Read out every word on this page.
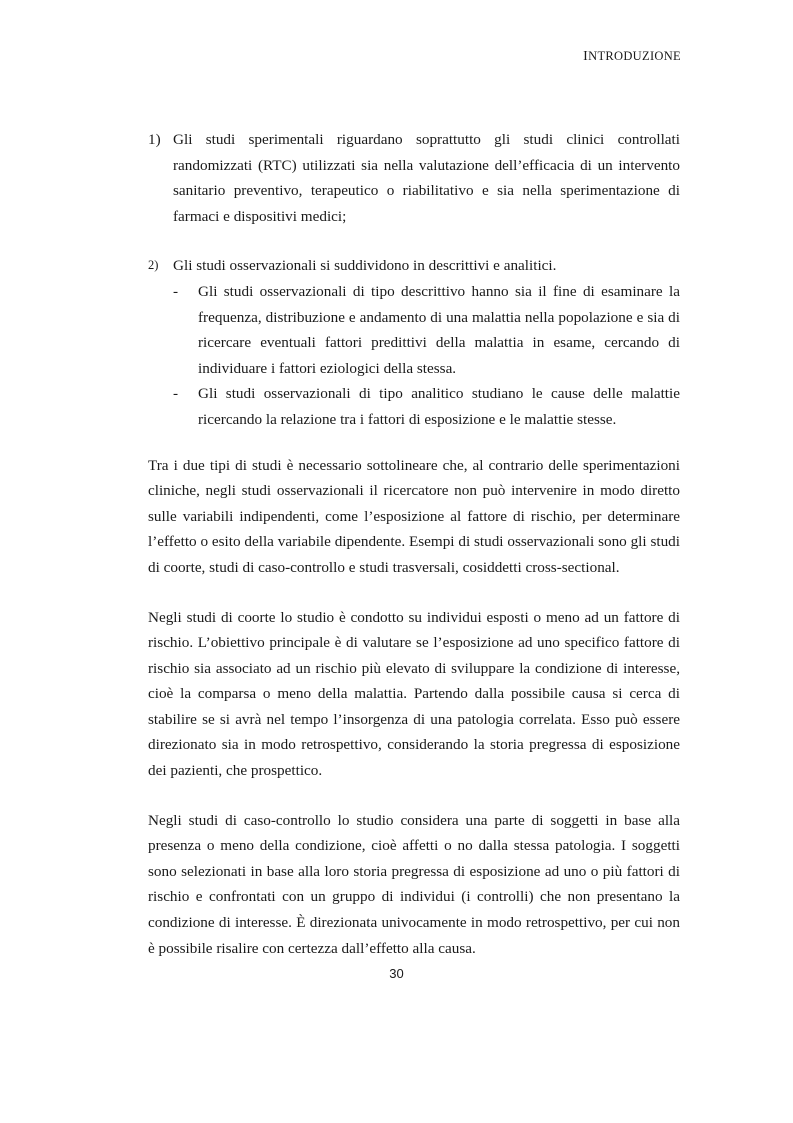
INTRODUZIONE
1) Gli studi sperimentali riguardano soprattutto gli studi clinici controllati randomizzati (RTC) utilizzati sia nella valutazione dell’efficacia di un intervento sanitario preventivo, terapeutico o riabilitativo e sia nella sperimentazione di farmaci e dispositivi medici;
2) Gli studi osservazionali si suddividono in descrittivi e analitici.
- Gli studi osservazionali di tipo descrittivo hanno sia il fine di esaminare la frequenza, distribuzione e andamento di una malattia nella popolazione e sia di ricercare eventuali fattori predittivi della malattia in esame, cercando di individuare i fattori eziologici della stessa.
- Gli studi osservazionali di tipo analitico studiano le cause delle malattie ricercando la relazione tra i fattori di esposizione e le malattie stesse.

Tra i due tipi di studi è necessario sottolineare che, al contrario delle sperimentazioni cliniche, negli studi osservazionali il ricercatore non può intervenire in modo diretto sulle variabili indipendenti, come l’esposizione al fattore di rischio, per determinare l’effetto o esito della variabile dipendente. Esempi di studi osservazionali sono gli studi di coorte, studi di caso-controllo e studi trasversali, cosiddetti cross-sectional.

Negli studi di coorte lo studio è condotto su individui esposti o meno ad un fattore di rischio. L’obiettivo principale è di valutare se l’esposizione ad uno specifico fattore di rischio sia associato ad un rischio più elevato di sviluppare la condizione di interesse, cioè la comparsa o meno della malattia. Partendo dalla possibile causa si cerca di stabilire se si avrà nel tempo l’insorgenza di una patologia correlata. Esso può essere direzionato sia in modo retrospettivo, considerando la storia pregressa di esposizione dei pazienti, che prospettico.

Negli studi di caso-controllo lo studio considera una parte di soggetti in base alla presenza o meno della condizione, cioè affetti o no dalla stessa patologia. I soggetti sono selezionati in base alla loro storia pregressa di esposizione ad uno o più fattori di rischio e confrontati con un gruppo di individui (i controlli) che non presentano la condizione di interesse. È direzionata univocamente in modo retrospettivo, per cui non è possibile risalire con certezza dall’effetto alla causa.

30
